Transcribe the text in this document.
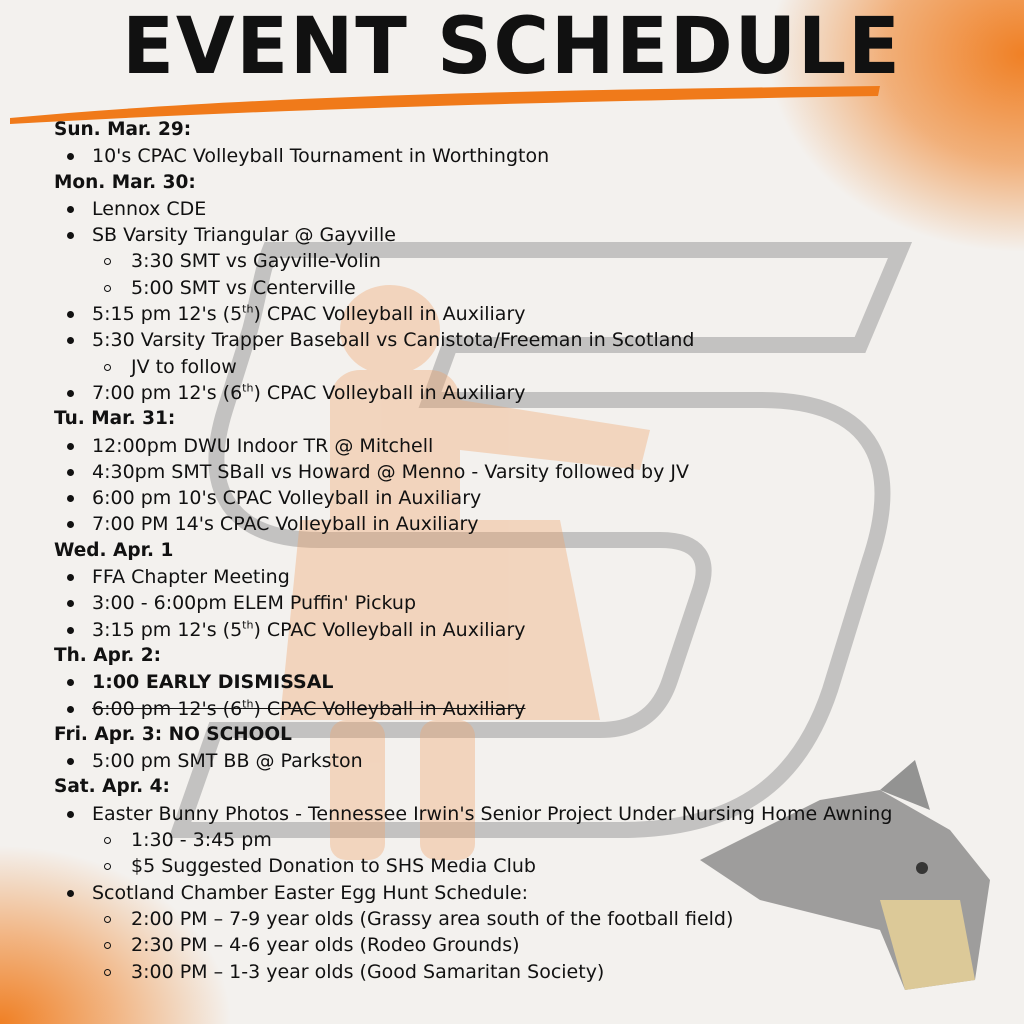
EVENT SCHEDULE
Sun. Mar. 29:
10's CPAC Volleyball Tournament in Worthington
Mon. Mar. 30:
Lennox CDE
SB Varsity Triangular @ Gayville
3:30 SMT vs Gayville-Volin
5:00 SMT vs Centerville
5:15 pm 12's (5th) CPAC Volleyball in Auxiliary
5:30 Varsity Trapper Baseball vs Canistota/Freeman in Scotland
JV to follow
7:00 pm 12's (6th) CPAC Volleyball in Auxiliary
Tu. Mar. 31:
12:00pm DWU Indoor TR @ Mitchell
4:30pm SMT SBall vs Howard @ Menno - Varsity followed by JV
6:00 pm 10's CPAC Volleyball in Auxiliary
7:00 PM 14's CPAC Volleyball in Auxiliary
Wed. Apr. 1
FFA Chapter Meeting
3:00 - 6:00pm ELEM Puffin' Pickup
3:15 pm 12's (5th) CPAC Volleyball in Auxiliary
Th. Apr. 2:
1:00 EARLY DISMISSAL
6:00 pm 12's (6th) CPAC Volleyball in Auxiliary
Fri. Apr. 3: NO SCHOOL
5:00 pm SMT BB @ Parkston
Sat. Apr. 4:
Easter Bunny Photos - Tennessee Irwin's Senior Project Under Nursing Home Awning
1:30 - 3:45 pm
$5 Suggested Donation to SHS Media Club
Scotland Chamber Easter Egg Hunt Schedule:
2:00 PM – 7-9 year olds (Grassy area south of the football field)
2:30 PM – 4-6 year olds (Rodeo Grounds)
3:00 PM – 1-3 year olds (Good Samaritan Society)
